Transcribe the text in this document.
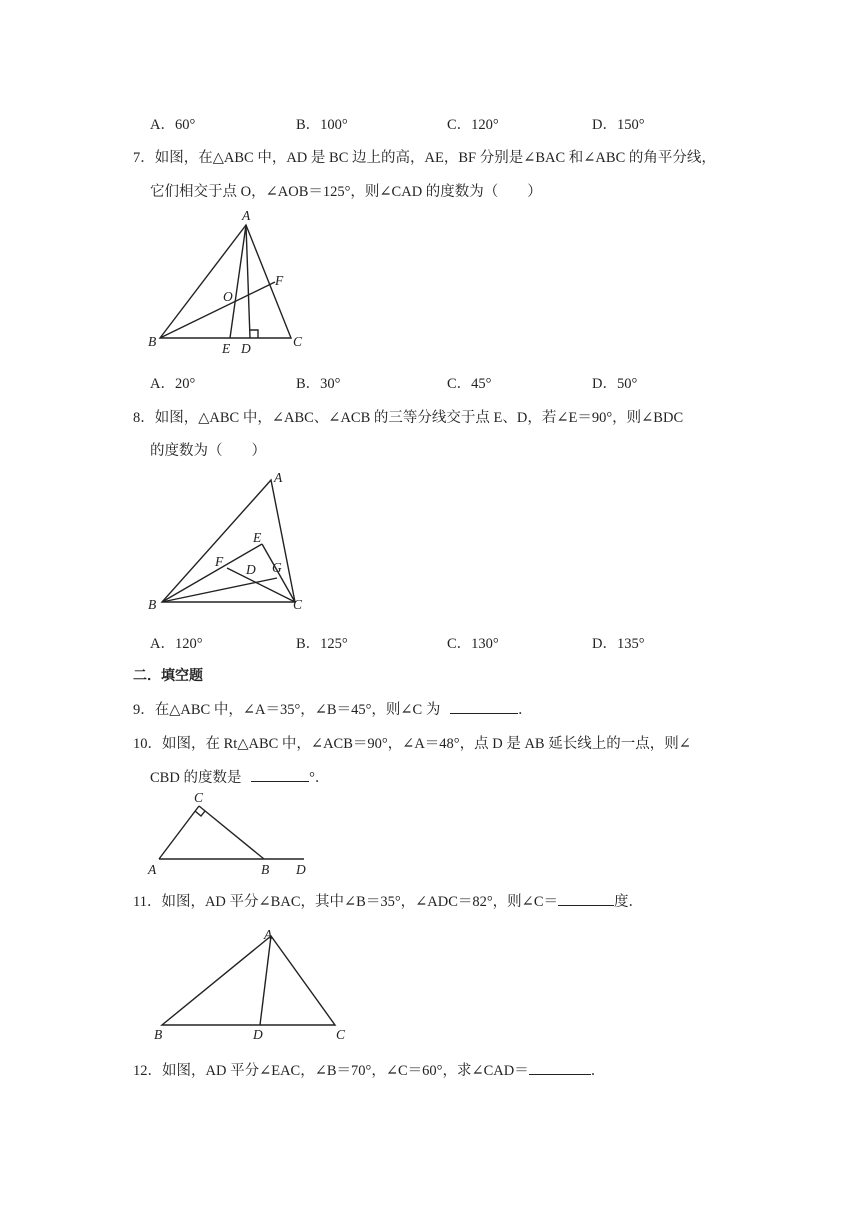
A．60°	B．100°	C．120°	D．150°
7．如图，在△ABC 中，AD 是 BC 边上的高，AE，BF 分别是∠BAC 和∠ABC 的角平分线，
它们相交于点 O，∠AOB＝125°，则∠CAD 的度数为（　　）
A
B	C
D
E
F
O
A．20°	B．30°	C．45°	D．50°
8．如图，△ABC 中，∠ABC、∠ACB 的三等分线交于点 E、D，若∠E＝90°，则∠BDC
的度数为（　　）
A
B	C
D
E
F	G
A．120°	B．125°	C．130°	D．135°
二．填空题
9．在△ABC 中，∠A＝35°，∠B＝45°，则∠C 为	．
10．如图，在 Rt△ABC 中，∠ACB＝90°，∠A＝48°，点 D 是 AB 延长线上的一点，则∠
CBD 的度数是	°．
C
A	B D
11．如图，AD 平分∠BAC，其中∠B＝35°，∠ADC＝82°，则∠C＝	度．
A
B	D	C
12．如图，AD 平分∠EAC，∠B＝70°，∠C＝60°，求∠CAD＝	．
